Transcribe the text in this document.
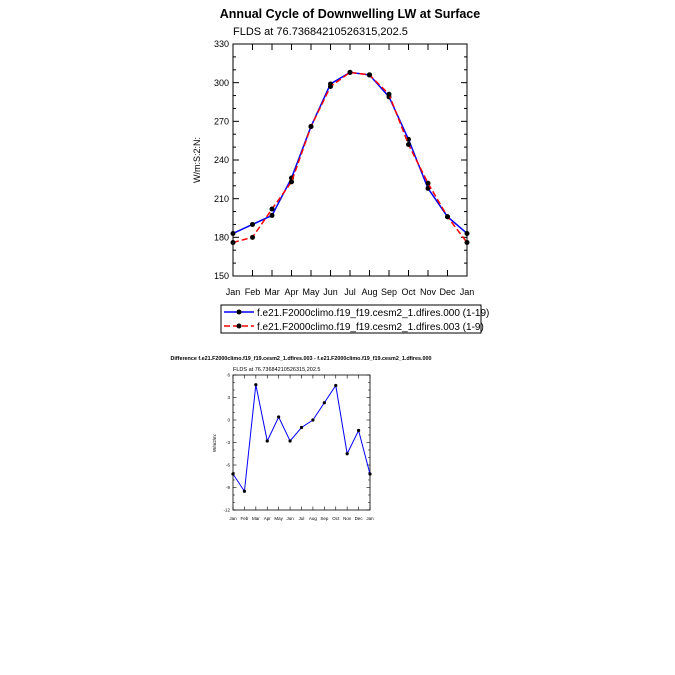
Annual Cycle of Downwelling LW at Surface
FLDS at 76.73684210526315,202.5
W/m:S:2:N:
150
180
210
240
270
300
330
Jan Feb Mar Apr May Jun Jul Aug Sep Oct Nov Dec Jan
f.e21.F2000climo.f19_f19.cesm2_1.dfires.000 (1-19)
f.e21.F2000climo.f19_f19.cesm2_1.dfires.003 (1-9)
Difference f.e21.F2000climo.f19_f19.cesm2_1.dfires.003 - f.e21.F2000climo.f19_f19.cesm2_1.dfires.000
FLDS at 76.73684210526315,202.5
W/m2/m:
-12
-9
-6
-3
0
3
6
Jan Feb Mar Apr May Jun Jul Aug Sep Oct Nov Dec Jan
